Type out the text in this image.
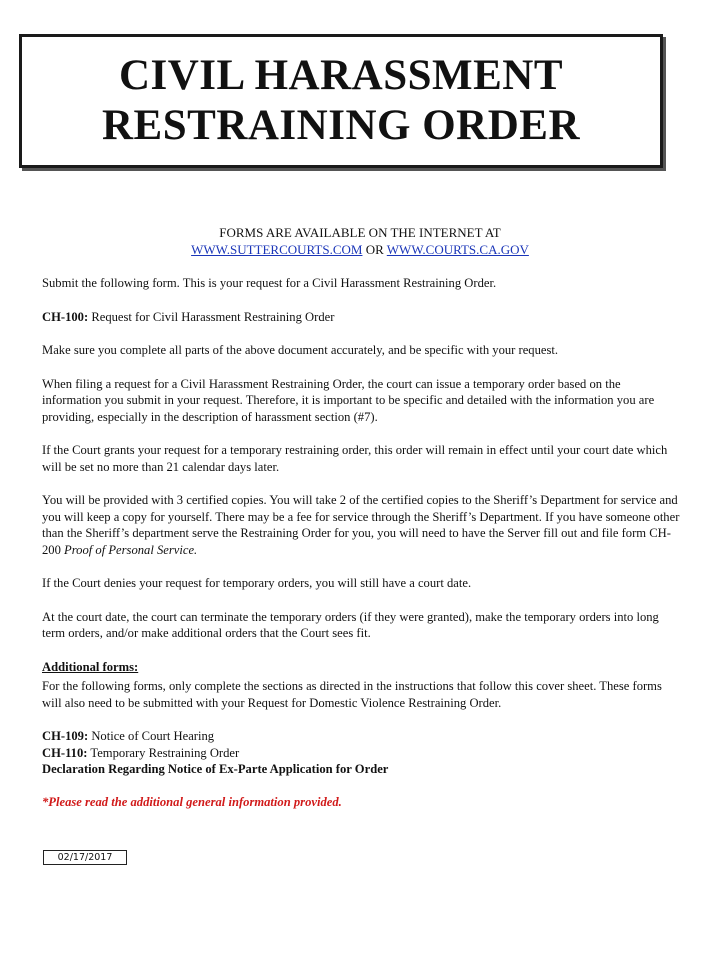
CIVIL HARASSMENT
RESTRAINING ORDER
FORMS ARE AVAILABLE ON THE INTERNET AT
WWW.SUTTERCOURTS.COM OR WWW.COURTS.CA.GOV

Submit the following form. This is your request for a Civil Harassment Restraining Order.

CH-100: Request for Civil Harassment Restraining Order

Make sure you complete all parts of the above document accurately, and be specific with your request.

When filing a request for a Civil Harassment Restraining Order, the court can issue a temporary order based on the information you submit in your request. Therefore, it is important to be specific and detailed with the information you are providing, especially in the description of harassment section (#7).

If the Court grants your request for a temporary restraining order, this order will remain in effect until your court date which will be set no more than 21 calendar days later.

You will be provided with 3 certified copies. You will take 2 of the certified copies to the Sheriff’s Department for service and you will keep a copy for yourself. There may be a fee for service through the Sheriff’s Department. If you have someone other than the Sheriff’s department serve the Restraining Order for you, you will need to have the Server fill out and file form CH-200 Proof of Personal Service.

If the Court denies your request for temporary orders, you will still have a court date.

At the court date, the court can terminate the temporary orders (if they were granted), make the temporary orders into long term orders, and/or make additional orders that the Court sees fit.

Additional forms:

For the following forms, only complete the sections as directed in the instructions that follow this cover sheet. These forms will also need to be submitted with your Request for Domestic Violence Restraining Order.

CH-109: Notice of Court Hearing
CH-110: Temporary Restraining Order
Declaration Regarding Notice of Ex-Parte Application for Order

*Please read the additional general information provided.

02/17/2017
